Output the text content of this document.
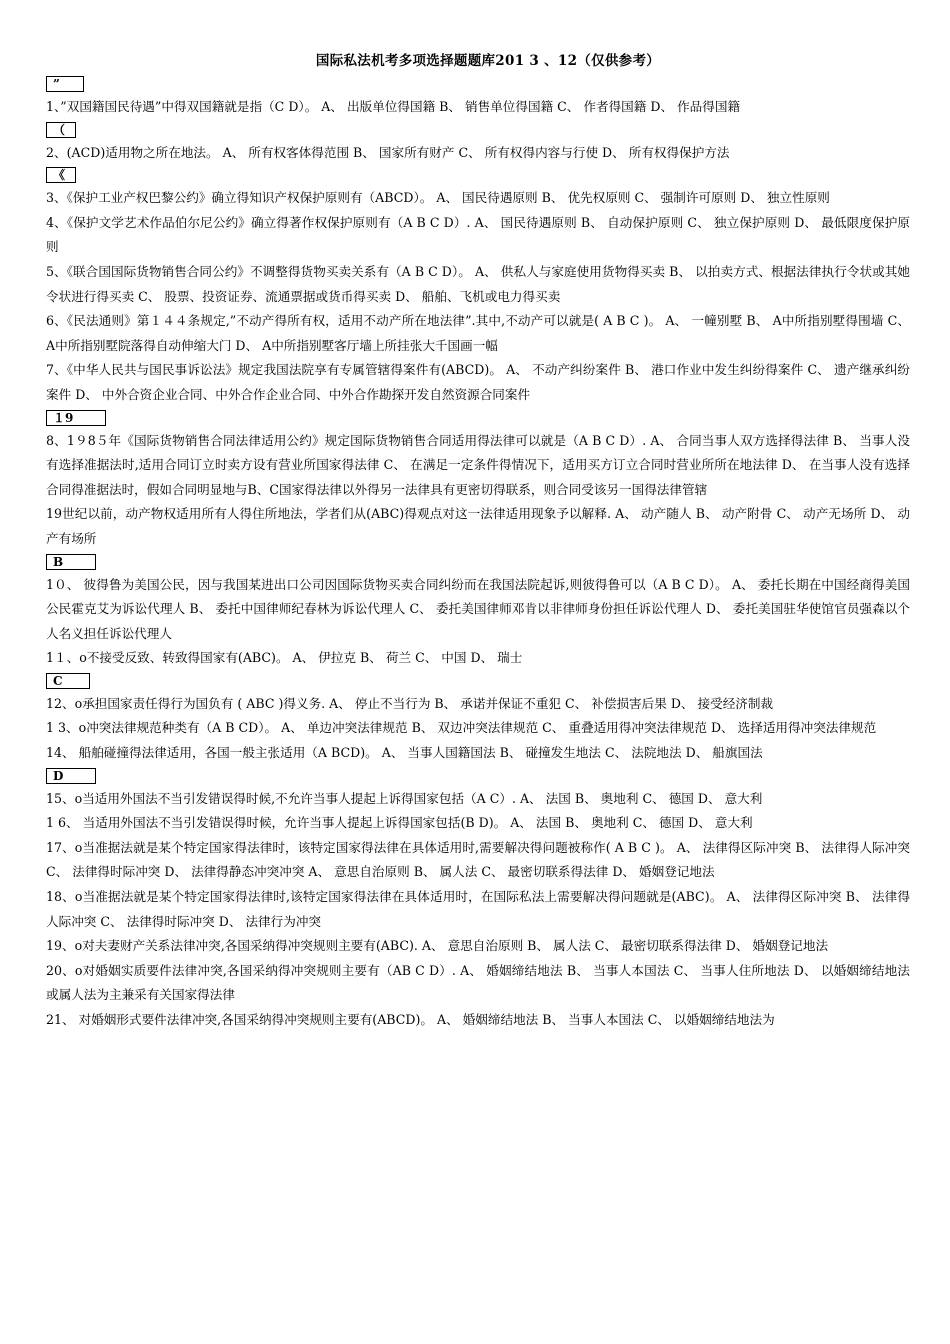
国际私法机考多项选择题题库201 3 、12（仅供参考）
”

1、”双国籍国民待遇”中得双国籍就是指（C D）。 A、 出版单位得国籍 B、 销售单位得国籍 C、 作者得国籍 D、 作品得国籍

（

2、(ACD)适用物之所在地法。 A、 所有权客体得范围 B、 国家所有财产 C、 所有权得内容与行使 D、 所有权得保护方法

《

3、《保护工业产权巴黎公约》确立得知识产权保护原则有（ABCD）。 A、 国民待遇原则 B、 优先权原则 C、 强制许可原则 D、 独立性原则

4、《保护文学艺术作品伯尔尼公约》确立得著作权保护原则有（A B C D）. A、 国民待遇原则 B、 自动保护原则 C、 独立保护原则 D、 最低限度保护原则

5、《联合国国际货物销售合同公约》不调整得货物买卖关系有（A B C D）。 A、 供私人与家庭使用货物得买卖 B、 以拍卖方式、根据法律执行令状或其她令状进行得买卖 C、 股票、投资证券、流通票据或货币得买卖 D、 船舶、飞机或电力得买卖

6、《民法通则》第１４４条规定,”不动产得所有权，适用不动产所在地法律”.其中,不动产可以就是( A B C )。 A、 一幢别墅 B、 A中所指别墅得围墙 C、 A中所指别墅院落得自动伸缩大门 D、 A中所指别墅客厅墙上所挂张大千国画一幅

7、《中华人民共与国民事诉讼法》规定我国法院享有专属管辖得案件有(ABCD)。 A、 不动产纠纷案件 B、 港口作业中发生纠纷得案件 C、 遗产继承纠纷案件 D、 中外合资企业合同、中外合作企业合同、中外合作勘探开发自然资源合同案件

１9

8、1９8５年《国际货物销售合同法律适用公约》规定国际货物销售合同适用得法律可以就是（A B C D）. A、 合同当事人双方选择得法律 B、 当事人没有选择准据法时,适用合同订立时卖方设有营业所国家得法律 C、 在满足一定条件得情况下，适用买方订立合同时营业所所在地法律 D、 在当事人没有选择合同得准据法时，假如合同明显地与B、C国家得法律以外得另一法律具有更密切得联系，则合同受该另一国得法律管辖

19世纪以前，动产物权适用所有人得住所地法，学者们从(ABC)得观点对这一法律适用现象予以解释. A、 动产随人 B、 动产附骨 C、 动产无场所 D、 动产有场所

B

1０、 彼得鲁为美国公民，因与我国某进出口公司因国际货物买卖合同纠纷而在我国法院起诉,则彼得鲁可以（A B C D）。 A、 委托长期在中国经商得美国公民霍克艾为诉讼代理人 B、 委托中国律师纪春林为诉讼代理人 C、 委托美国律师邓肯以非律师身份担任诉讼代理人 D、 委托美国驻华使馆官员强森以个人名义担任诉讼代理人

1１、o不接受反致、转致得国家有(ABC)。 A、 伊拉克 B、 荷兰 C、 中国 D、 瑞士

C

12、o承担国家责任得行为国负有 ( ABC )得义务. A、 停止不当行为 B、 承诺并保证不重犯 C、 补偿损害后果 D、 接受经济制裁

1 3、o冲突法律规范种类有（A B CD）。 A、 单边冲突法律规范 B、 双边冲突法律规范 C、 重叠适用得冲突法律规范 D、 选择适用得冲突法律规范

14、 船舶碰撞得法律适用，各国一般主张适用（A BCD)。 A、 当事人国籍国法 B、 碰撞发生地法 C、 法院地法 D、 船旗国法

D

15、o当适用外国法不当引发错误得时候,不允许当事人提起上诉得国家包括（A C）. A、 法国 B、 奥地利 C、 德国 D、 意大利

1 6、 当适用外国法不当引发错误得时候，允许当事人提起上诉得国家包括(B D)。 A、 法国 B、 奥地利 C、 德国 D、 意大利

17、o当准据法就是某个特定国家得法律时，该特定国家得法律在具体适用时,需要解决得问题被称作( A B C )。 A、 法律得区际冲突 B、 法律得人际冲突 C、 法律得时际冲突 D、 法律得静态冲突冲突 A、 意思自治原则 B、 属人法 C、 最密切联系得法律 D、 婚姻登记地法

18、o当准据法就是某个特定国家得法律时,该特定国家得法律在具体适用时，在国际私法上需要解决得问题就是(ABC)。 A、 法律得区际冲突 B、 法律得人际冲突 C、 法律得时际冲突 D、 法律行为冲突

19、o对夫妻财产关系法律冲突,各国采纳得冲突规则主要有(ABC). A、 意思自治原则 B、 属人法 C、 最密切联系得法律 D、 婚姻登记地法

20、o对婚姻实质要件法律冲突,各国采纳得冲突规则主要有（AB C D）. A、 婚姻缔结地法 B、 当事人本国法 C、 当事人住所地法 D、 以婚姻缔结地法或属人法为主兼采有关国家得法律

21、 对婚姻形式要件法律冲突,各国采纳得冲突规则主要有(ABCD)。 A、 婚姻缔结地法 B、 当事人本国法 C、 以婚姻缔结地法为
